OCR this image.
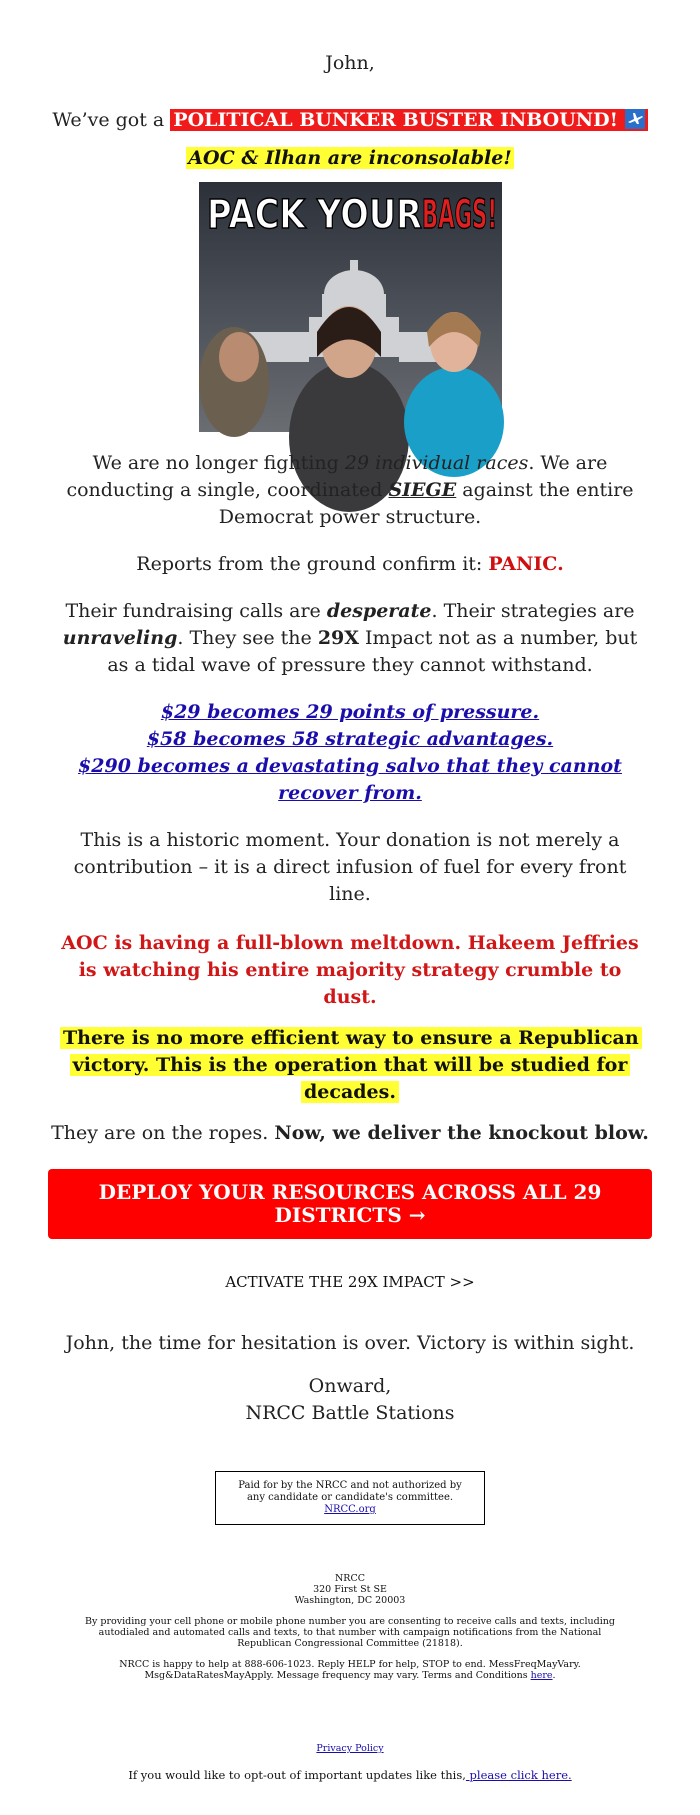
John,

We’ve got a POLITICAL BUNKER BUSTER INBOUND!

AOC & Ilhan are inconsolable!

PACK YOUR BAGS!

We are no longer fighting 29 individual races. We are conducting a single, coordinated SIEGE against the entire Democrat power structure.

Reports from the ground confirm it: PANIC.

Their fundraising calls are desperate. Their strategies are unraveling. They see the 29X Impact not as a number, but as a tidal wave of pressure they cannot withstand.

$29 becomes 29 points of pressure.

$58 becomes 58 strategic advantages.

$290 becomes a devastating salvo that they cannot recover from.

This is a historic moment. Your donation is not merely a contribution – it is a direct infusion of fuel for every front line.

AOC is having a full-blown meltdown. Hakeem Jeffries is watching his entire majority strategy crumble to dust.

There is no more efficient way to ensure a Republican victory. This is the operation that will be studied for decades.

They are on the ropes. Now, we deliver the knockout blow.

DEPLOY YOUR RESOURCES ACROSS ALL 29 DISTRICTS →

ACTIVATE THE 29X IMPACT >>

John, the time for hesitation is over. Victory is within sight.

Onward,

NRCC Battle Stations

Paid for by the NRCC and not authorized by any candidate or candidate's committee. NRCC.org

NRCC

320 First St SE

Washington, DC 20003

By providing your cell phone or mobile phone number you are consenting to receive calls and texts, including autodialed and automated calls and texts, to that number with campaign notifications from the National Republican Congressional Committee (21818).

NRCC is happy to help at 888-606-1023. Reply HELP for help, STOP to end. MessFreqMayVary. Msg&DataRatesMayApply. Message frequency may vary. Terms and Conditions here.

Privacy Policy

If you would like to opt-out of important updates like this, please click here.
